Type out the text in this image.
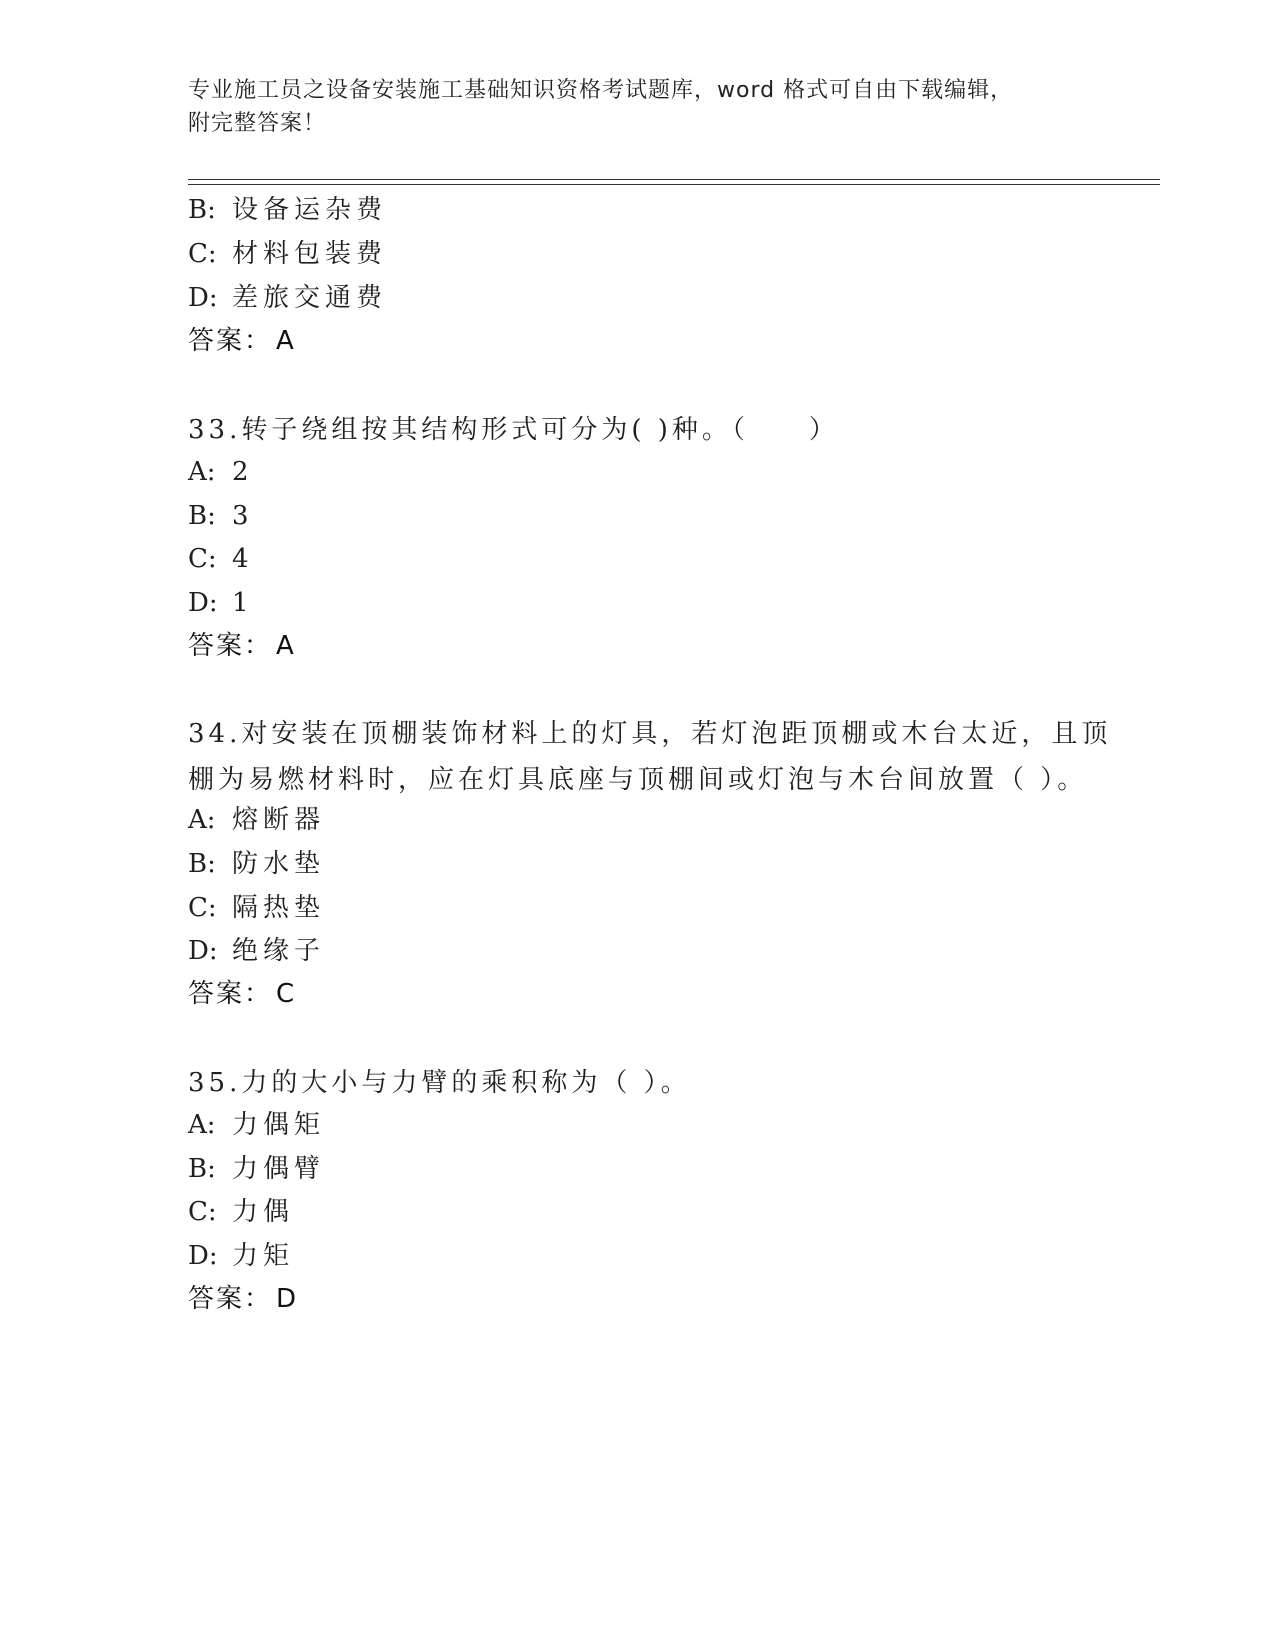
专业施工员之设备安装施工基础知识资格考试题库，word 格式可自由下载编辑，
附完整答案！
B: 设备运杂费
C: 材料包装费
D: 差旅交通费
答案： A
33.转子绕组按其结构形式可分为( )种。（　　）
A: 2
B: 3
C: 4
D: 1
答案： A
34.对安装在顶棚装饰材料上的灯具，若灯泡距顶棚或木台太近，且顶
棚为易燃材料时，应在灯具底座与顶棚间或灯泡与木台间放置（ ）。
A: 熔断器
B: 防水垫
C: 隔热垫
D: 绝缘子
答案： C
35.力的大小与力臂的乘积称为（ ）。
A: 力偶矩
B: 力偶臂
C: 力偶
D: 力矩
答案： D
